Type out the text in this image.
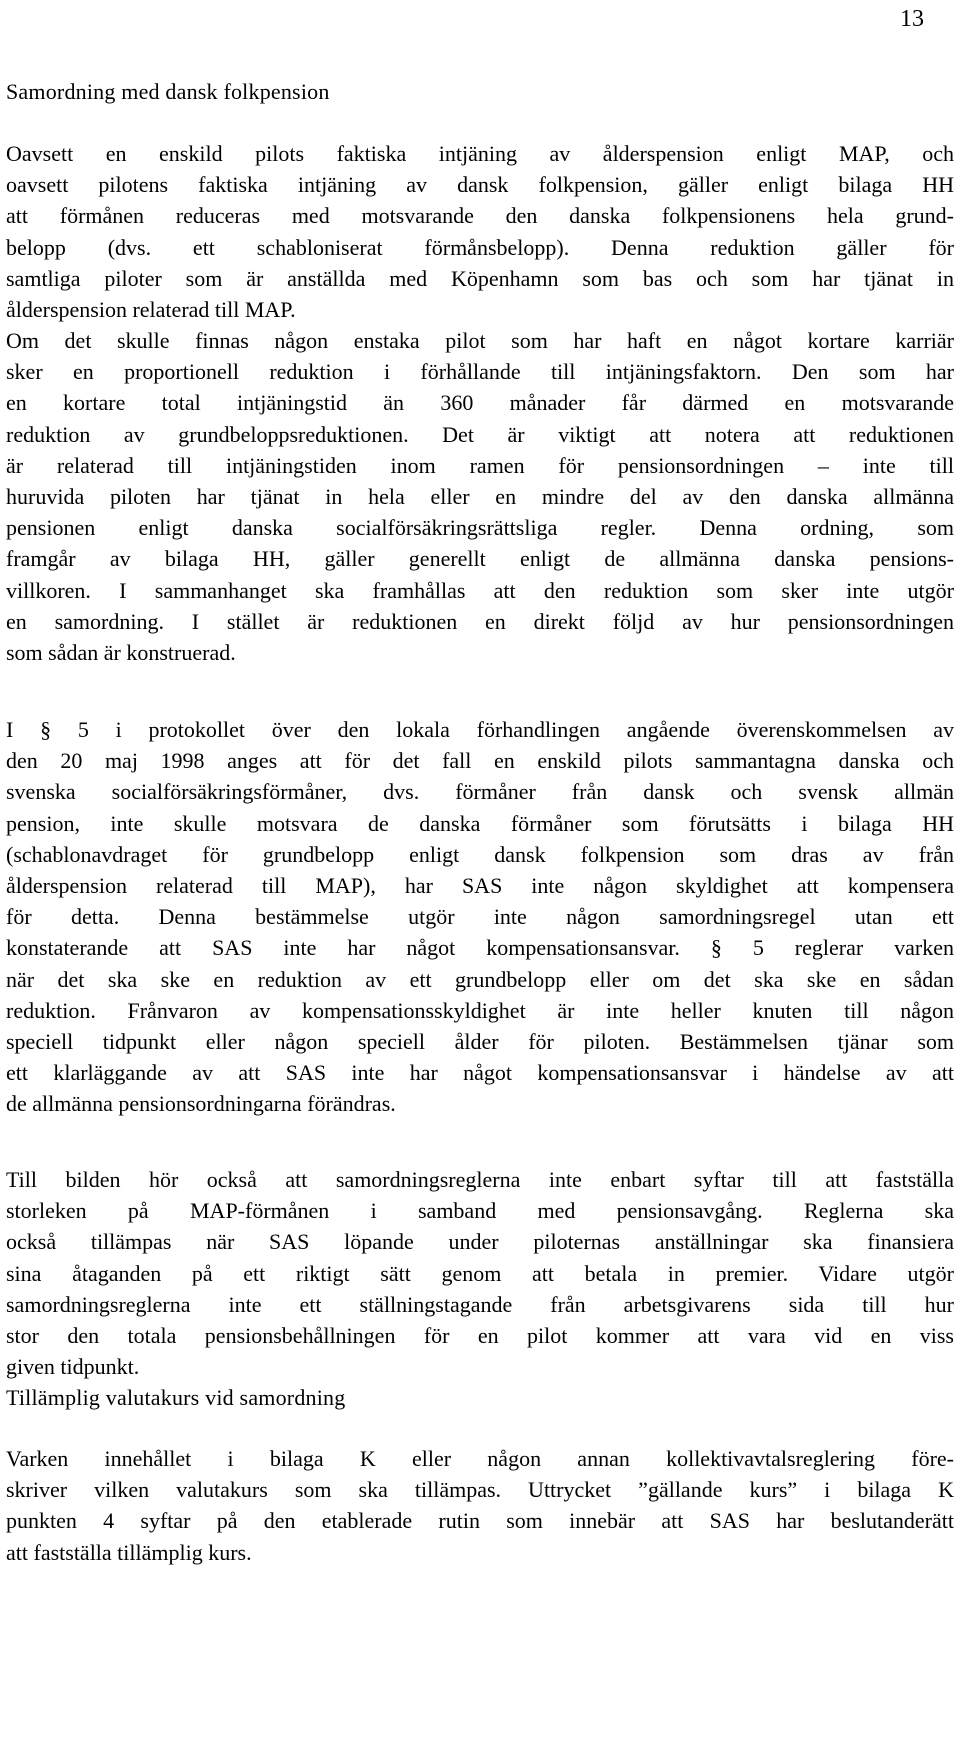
13
Samordning med dansk folkpension
Oavsett en enskild pilots faktiska intjäning av ålderspension enligt MAP, och
oavsett pilotens faktiska intjäning av dansk folkpension, gäller enligt bilaga HH
att förmånen reduceras med motsvarande den danska folkpensionens hela grund-
belopp (dvs. ett schabloniserat förmånsbelopp). Denna reduktion gäller för
samtliga piloter som är anställda med Köpenhamn som bas och som har tjänat in
ålderspension relaterad till MAP.
Om det skulle finnas någon enstaka pilot som har haft en något kortare karriär
sker en proportionell reduktion i förhållande till intjäningsfaktorn. Den som har
en kortare total intjäningstid än 360 månader får därmed en motsvarande
reduktion av grundbeloppsreduktionen. Det är viktigt att notera att reduktionen
är relaterad till intjäningstiden inom ramen för pensionsordningen – inte till
huruvida piloten har tjänat in hela eller en mindre del av den danska allmänna
pensionen enligt danska socialförsäkringsrättsliga regler. Denna ordning, som
framgår av bilaga HH, gäller generellt enligt de allmänna danska pensions-
villkoren. I sammanhanget ska framhållas att den reduktion som sker inte utgör
en samordning. I stället är reduktionen en direkt följd av hur pensionsordningen
som sådan är konstruerad.
I § 5 i protokollet över den lokala förhandlingen angående överenskommelsen av
den 20 maj 1998 anges att för det fall en enskild pilots sammantagna danska och
svenska socialförsäkringsförmåner, dvs. förmåner från dansk och svensk allmän
pension, inte skulle motsvara de danska förmåner som förutsätts i bilaga HH
(schablonavdraget för grundbelopp enligt dansk folkpension som dras av från
ålderspension relaterad till MAP), har SAS inte någon skyldighet att kompensera
för detta. Denna bestämmelse utgör inte någon samordningsregel utan ett
konstaterande att SAS inte har något kompensationsansvar. § 5 reglerar varken
när det ska ske en reduktion av ett grundbelopp eller om det ska ske en sådan
reduktion. Frånvaron av kompensationsskyldighet är inte heller knuten till någon
speciell tidpunkt eller någon speciell ålder för piloten. Bestämmelsen tjänar som
ett klarläggande av att SAS inte har något kompensationsansvar i händelse av att
de allmänna pensionsordningarna förändras.
Till bilden hör också att samordningsreglerna inte enbart syftar till att fastställa
storleken på MAP-förmånen i samband med pensionsavgång. Reglerna ska
också tillämpas när SAS löpande under piloternas anställningar ska finansiera
sina åtaganden på ett riktigt sätt genom att betala in premier. Vidare utgör
samordningsreglerna inte ett ställningstagande från arbetsgivarens sida till hur
stor den totala pensionsbehållningen för en pilot kommer att vara vid en viss
given tidpunkt.
Tillämplig valutakurs vid samordning
Varken innehållet i bilaga K eller någon annan kollektivavtalsreglering före-
skriver vilken valutakurs som ska tillämpas. Uttrycket ”gällande kurs” i bilaga K
punkten 4 syftar på den etablerade rutin som innebär att SAS har beslutanderätt
att fastställa tillämplig kurs.
